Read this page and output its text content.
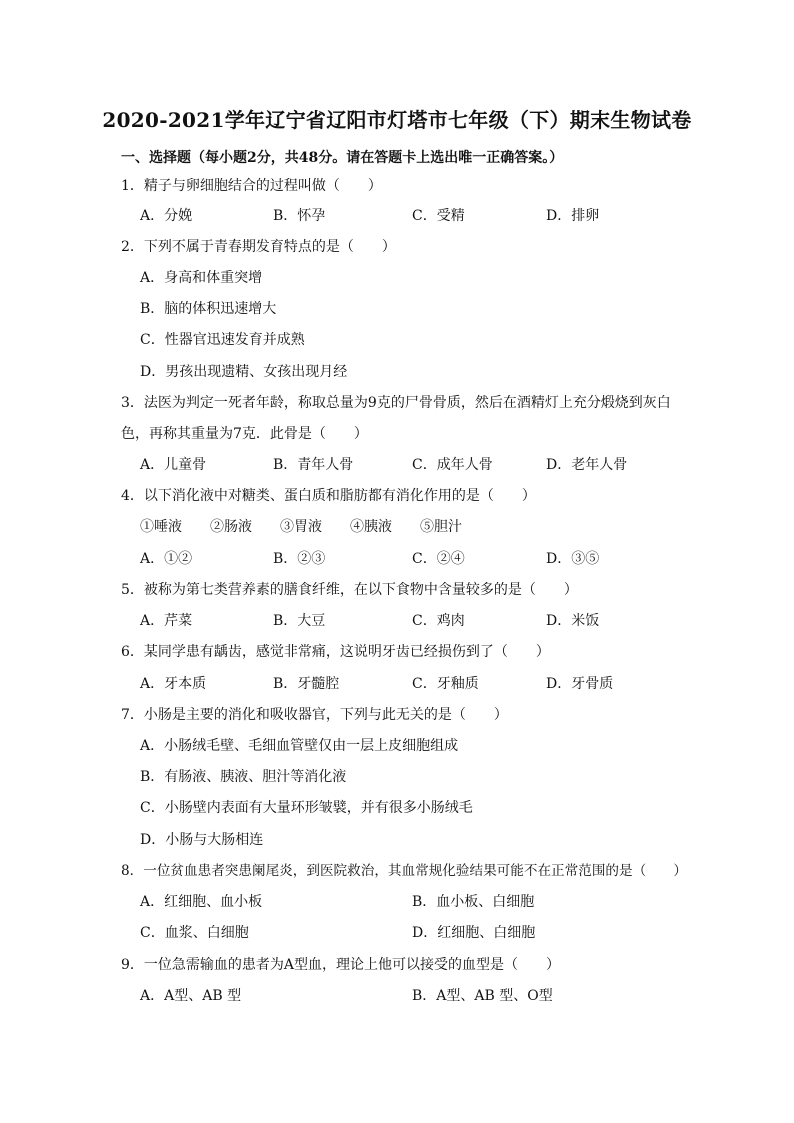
2020-2021学年辽宁省辽阳市灯塔市七年级（下）期末生物试卷
一、选择题（每小题2分，共48分。请在答题卡上选出唯一正确答案。）
1．精子与卵细胞结合的过程叫做（　　）
A．分娩	B．怀孕	C．受精	D．排卵
2．下列不属于青春期发育特点的是（　　）
A．身高和体重突增
B．脑的体积迅速增大
C．性器官迅速发育并成熟
D．男孩出现遗精、女孩出现月经
3．法医为判定一死者年龄，称取总量为9克的尸骨骨质，然后在酒精灯上充分煅烧到灰白
色，再称其重量为7克．此骨是（　　）
A．儿童骨	B．青年人骨	C．成年人骨	D．老年人骨
4．以下消化液中对糖类、蛋白质和脂肪都有消化作用的是（　　）
①唾液　　②肠液　　③胃液　　④胰液　　⑤胆汁
A．①②	B．②③	C．②④	D．③⑤
5．被称为第七类营养素的膳食纤维，在以下食物中含量较多的是（　　）
A．芹菜	B．大豆	C．鸡肉	D．米饭
6．某同学患有龋齿，感觉非常痛，这说明牙齿已经损伤到了（　　）
A．牙本质	B．牙髓腔	C．牙釉质	D．牙骨质
7．小肠是主要的消化和吸收器官，下列与此无关的是（　　）
A．小肠绒毛壁、毛细血管壁仅由一层上皮细胞组成
B．有肠液、胰液、胆汁等消化液
C．小肠壁内表面有大量环形皱襞，并有很多小肠绒毛
D．小肠与大肠相连
8．一位贫血患者突患阑尾炎，到医院救治，其血常规化验结果可能不在正常范围的是（　　）
A．红细胞、血小板	B．血小板、白细胞
C．血浆、白细胞	D．红细胞、白细胞
9．一位急需输血的患者为A型血，理论上他可以接受的血型是（　　）
A．A型、AB 型	B．A型、AB 型、O型
